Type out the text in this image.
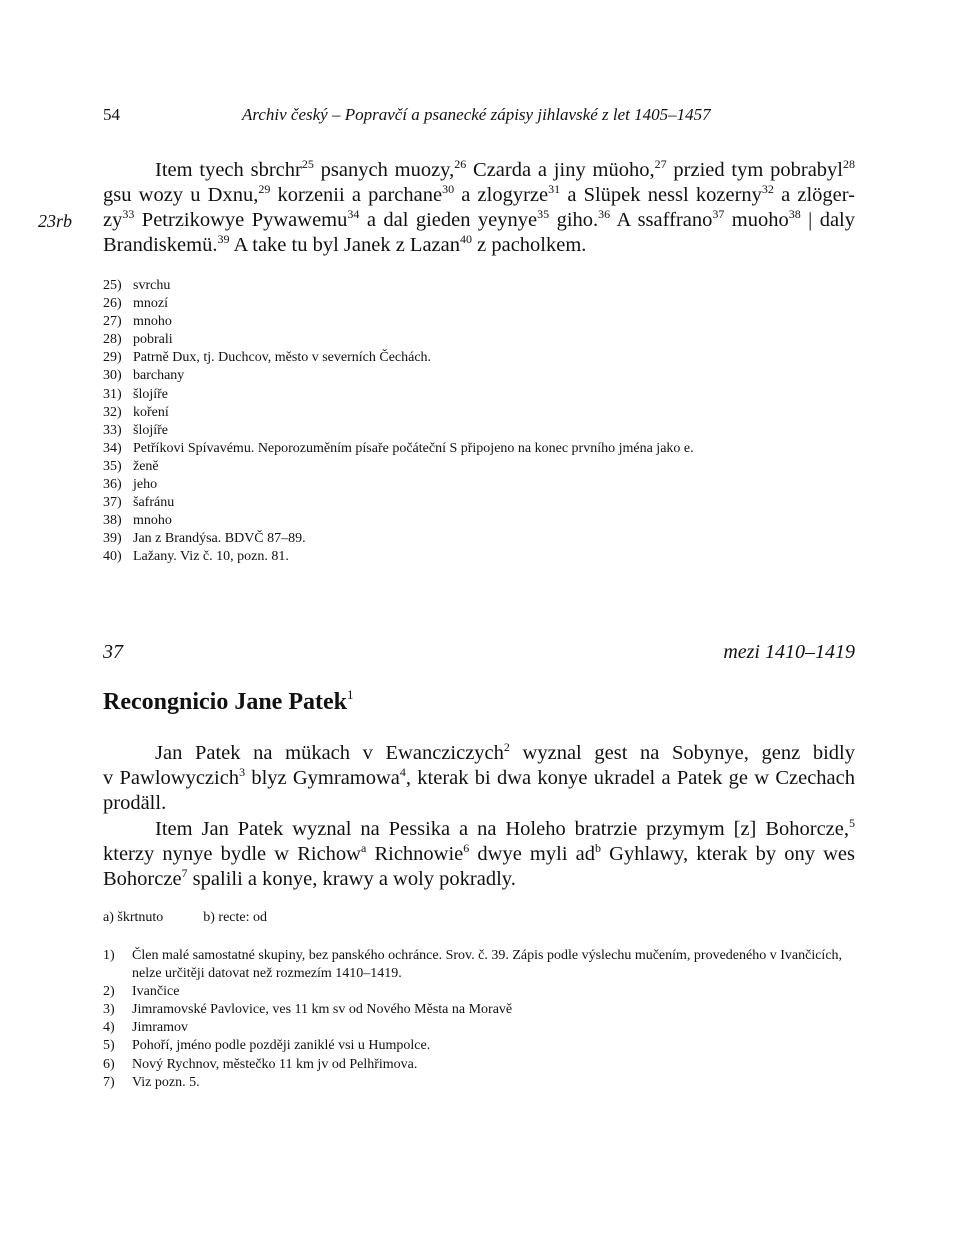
54	Archiv český – Popravčí a psanecké zápisy jihlavské z let 1405–1457
23rb
Item tyech sbrchr$^{25}$ psanych muozy,$^{26}$ Czarda a jiny müoho,$^{27}$ przied tym pobrabyl$^{28}$
gsu wozy u Dxnu,$^{29}$ korzenii a parchane$^{30}$ a zlogyrze$^{31}$ a Slüpek nessl kozerny$^{32}$ a zlöger-
$zy^{33}$ Petrzikowye Pywawemu$^{34}$ a dal gieden yeynye$^{35}$ giho.$^{36}$ A ssaffrano$^{37}$ muoho$^{38}$ | daly
Brandiskemü.$^{39}$ A take tu byl Janek z Lazan$^{40}$ z pacholkem.
25) svrchu
26) mnozí
27) mnoho
28) pobrali
29) Patrně Dux, tj. Duchcov, město v severních Čechách.
30) barchany
31) šlojíře
32) koření
33) šlojíře
34) Petříkovi Spívavému. Neporozuměním písaře počáteční S připojeno na konec prvního jména jako e.
35) ženě
36) jeho
37) šafránu
38) mnoho
39) Jan z Brandýsa. BDVČ 87–89.
40) Lažany. Viz č. 10, pozn. 81.
37	mezi 1410–1419
Recongnicio Jane Patek$^1$
Jan Patek na mükach v Ewancziczych$^2$ wyznal gest na Sobynye, genz bidly
v Pawlowyczich$^3$ blyz Gymramowa$^4$, kterak bi dwa konye ukradel a Patek ge w Czechach
prodäll.
Item Jan Patek wyznal na Pessika a na Holeho bratrzie przymym [z] Bohorcze,$^5$
kterzy nynye bydle w Richow$^a$ Richnowie$^6$ dwye myli $ad^b$ Gyhlawy, kterak by ony wes
Bohorcze$^7$ spalili a konye, krawy a woly pokradly.
a) škrtnuto	b) recte: od
1) Člen malé samostatné skupiny, bez panského ochránce. Srov. č. 39. Zápis podle výslechu mučením, provedeného v Ivančicích, nelze určitěji datovat než rozmezím 1410–1419.
2) Ivančice
3) Jimramovské Pavlovice, ves 11 km sv od Nového Města na Moravě
4) Jimramov
5) Pohoří, jméno podle později zaniklé vsi u Humpolce.
6) Nový Rychnov, městečko 11 km jv od Pelhřimova.
7) Viz pozn. 5.
